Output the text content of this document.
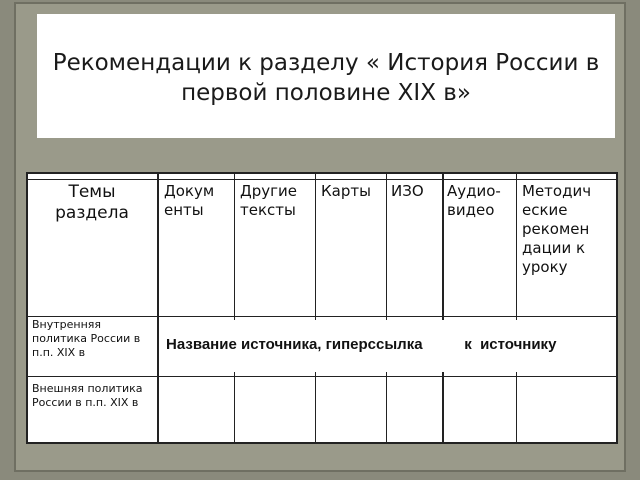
Рекомендации к разделу « История России в первой половине XIX в»
Темы раздела
Докум енты
Другие тексты
Карты	ИЗО	Аудио-видео
Методич еские рекомен дации к уроку
Внутренняя политика России в п.п. XIX в
Внешняя политика России в п.п. XIX в
Название источника, гиперссылка          к  источнику
